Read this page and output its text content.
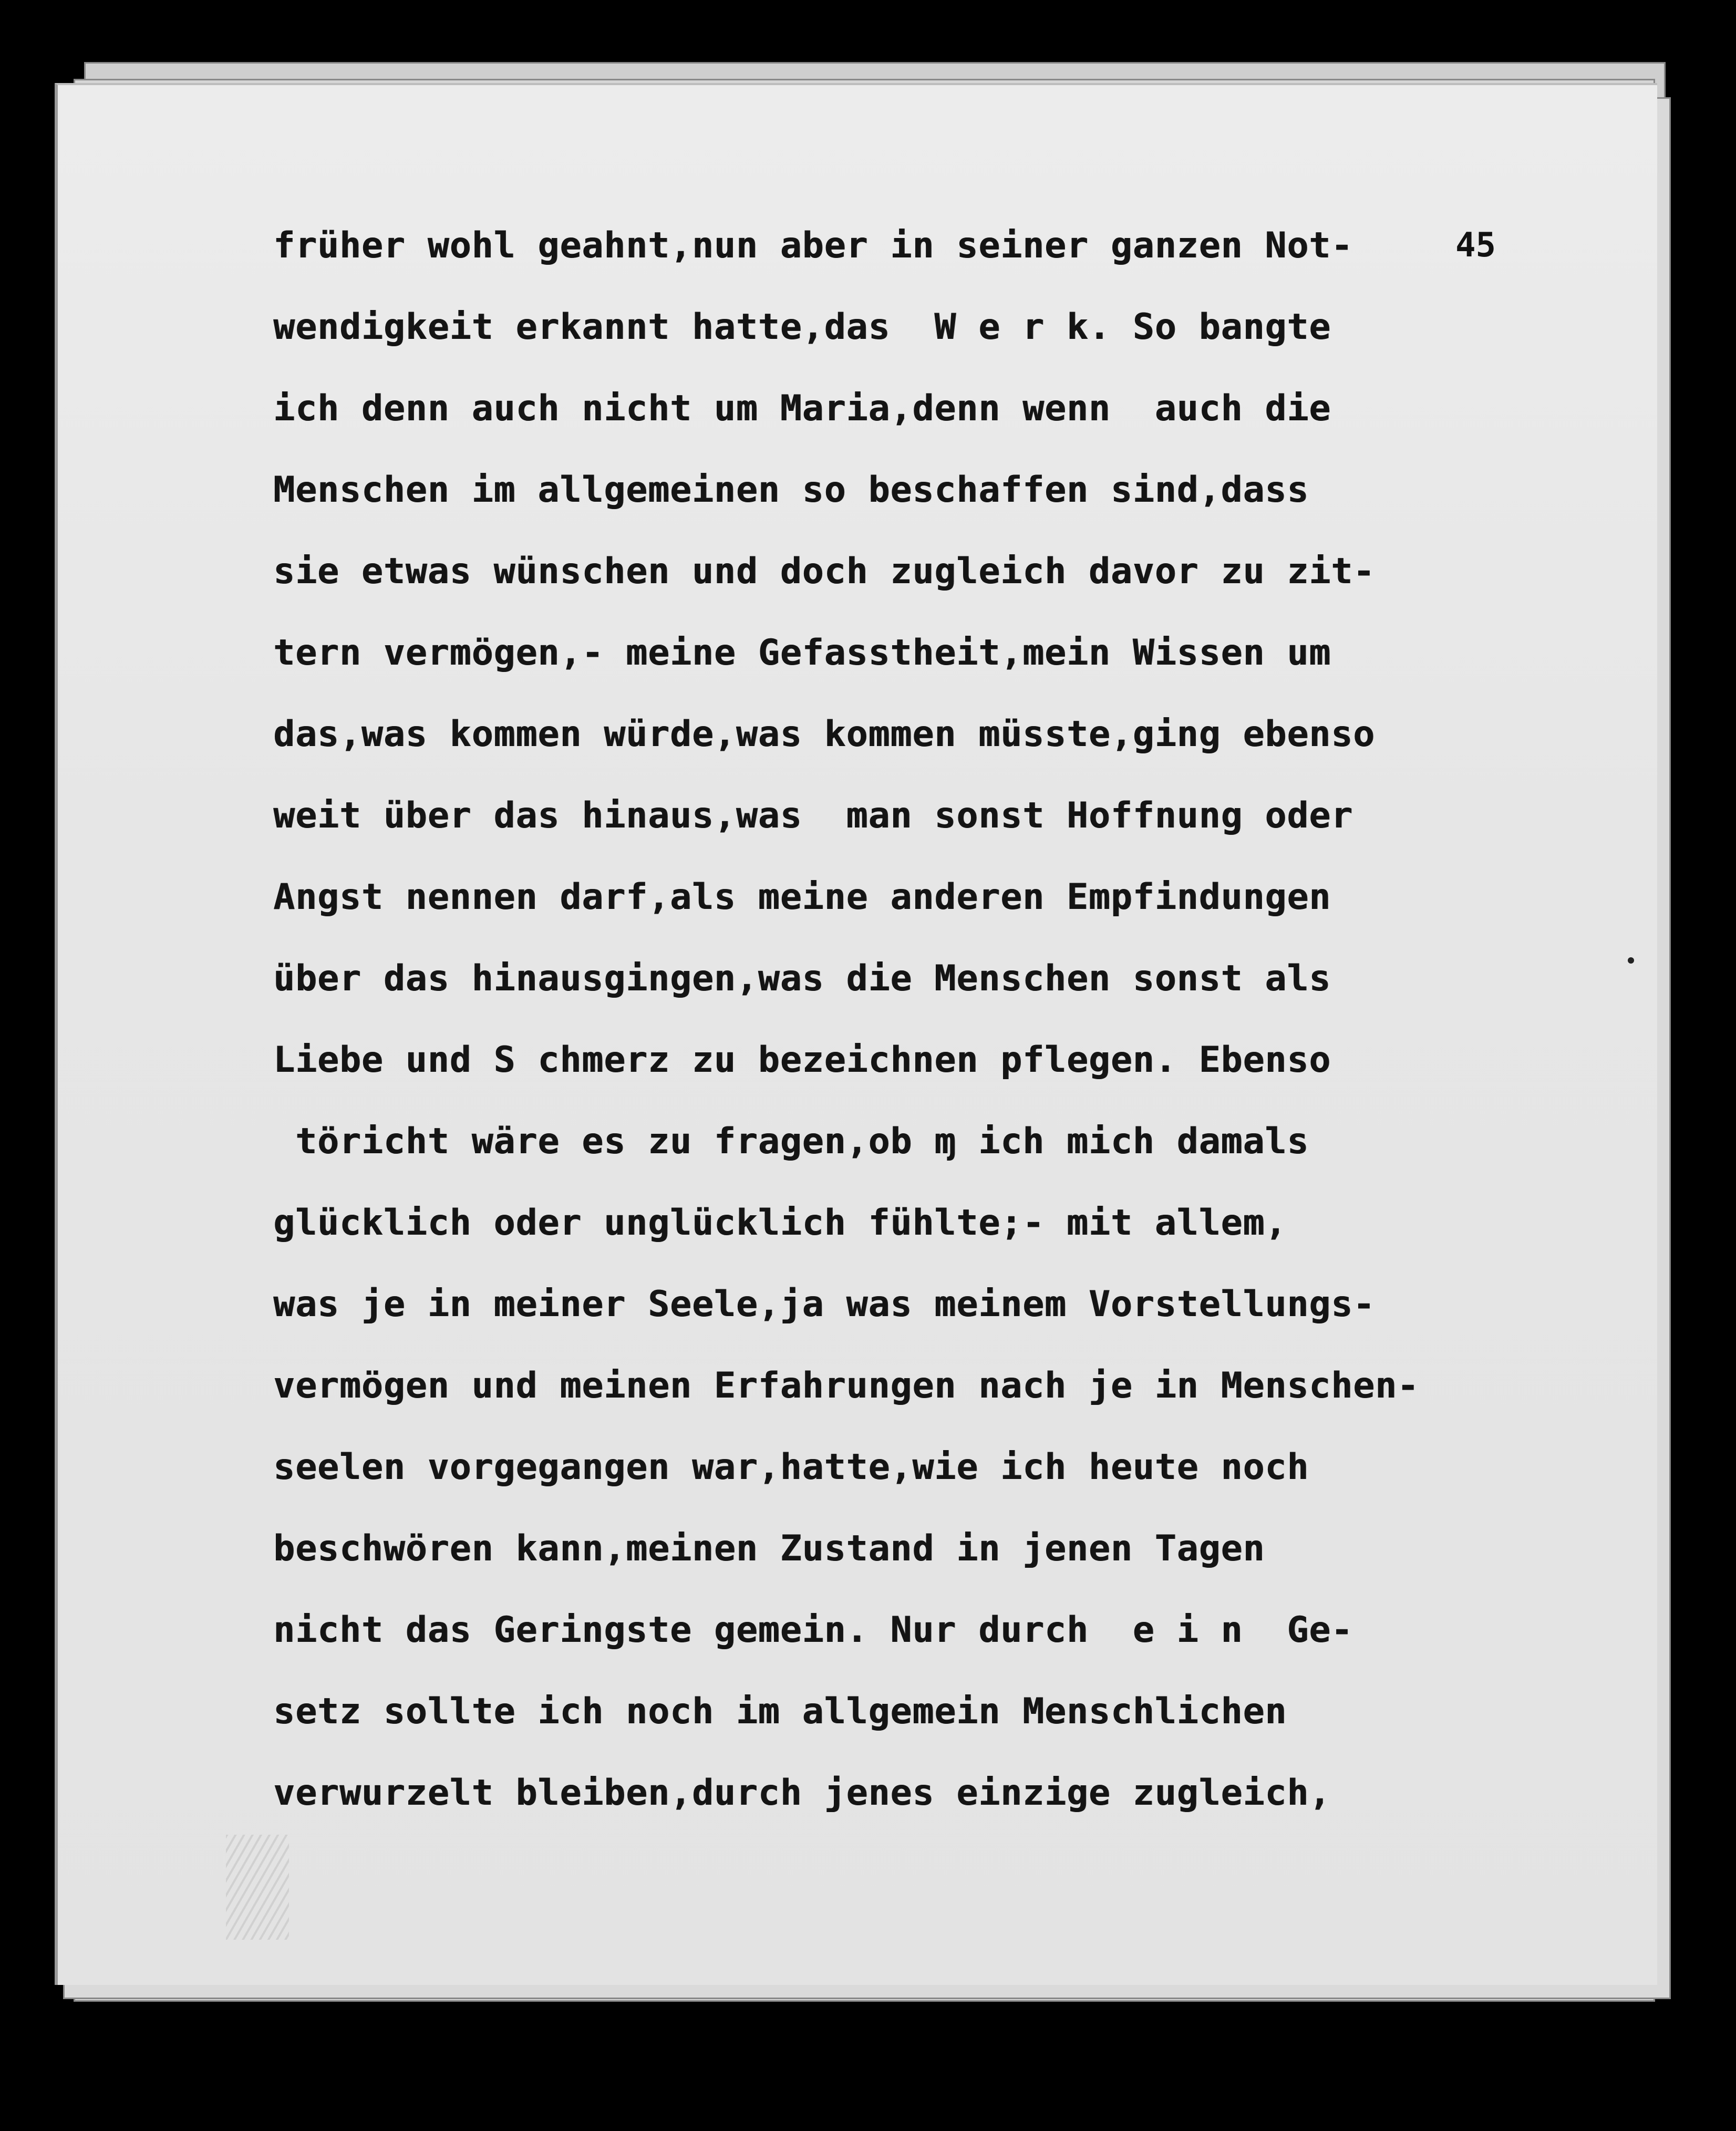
45

früher wohl geahnt,nun aber in seiner ganzen Not-
wendigkeit erkannt hatte,das  W e r k. So bangte
ich denn auch nicht um Maria,denn wenn  auch die
Menschen im allgemeinen so beschaffen sind,dass
sie etwas wünschen und doch zugleich davor zu zit-
tern vermögen,- meine Gefasstheit,mein Wissen um
das,was kommen würde,was kommen müsste,ging ebenso
weit über das hinaus,was  man sonst Hoffnung oder
Angst nennen darf,als meine anderen Empfindungen
über das hinausgingen,was die Menschen sonst als
Liebe und S chmerz zu bezeichnen pflegen. Ebenso
töricht wäre es zu fragen,ob ɱ ich mich damals
glücklich oder unglücklich fühlte;- mit allem,
was je in meiner Seele,ja was meinem Vorstellungs-
vermögen und meinen Erfahrungen nach je in Menschen-
seelen vorgegangen war,hatte,wie ich heute noch
beschwören kann,meinen Zustand in jenen Tagen
nicht das Geringste gemein. Nur durch  e i n  Ge-
setz sollte ich noch im allgemein Menschlichen
verwurzelt bleiben,durch jenes einzige zugleich,
